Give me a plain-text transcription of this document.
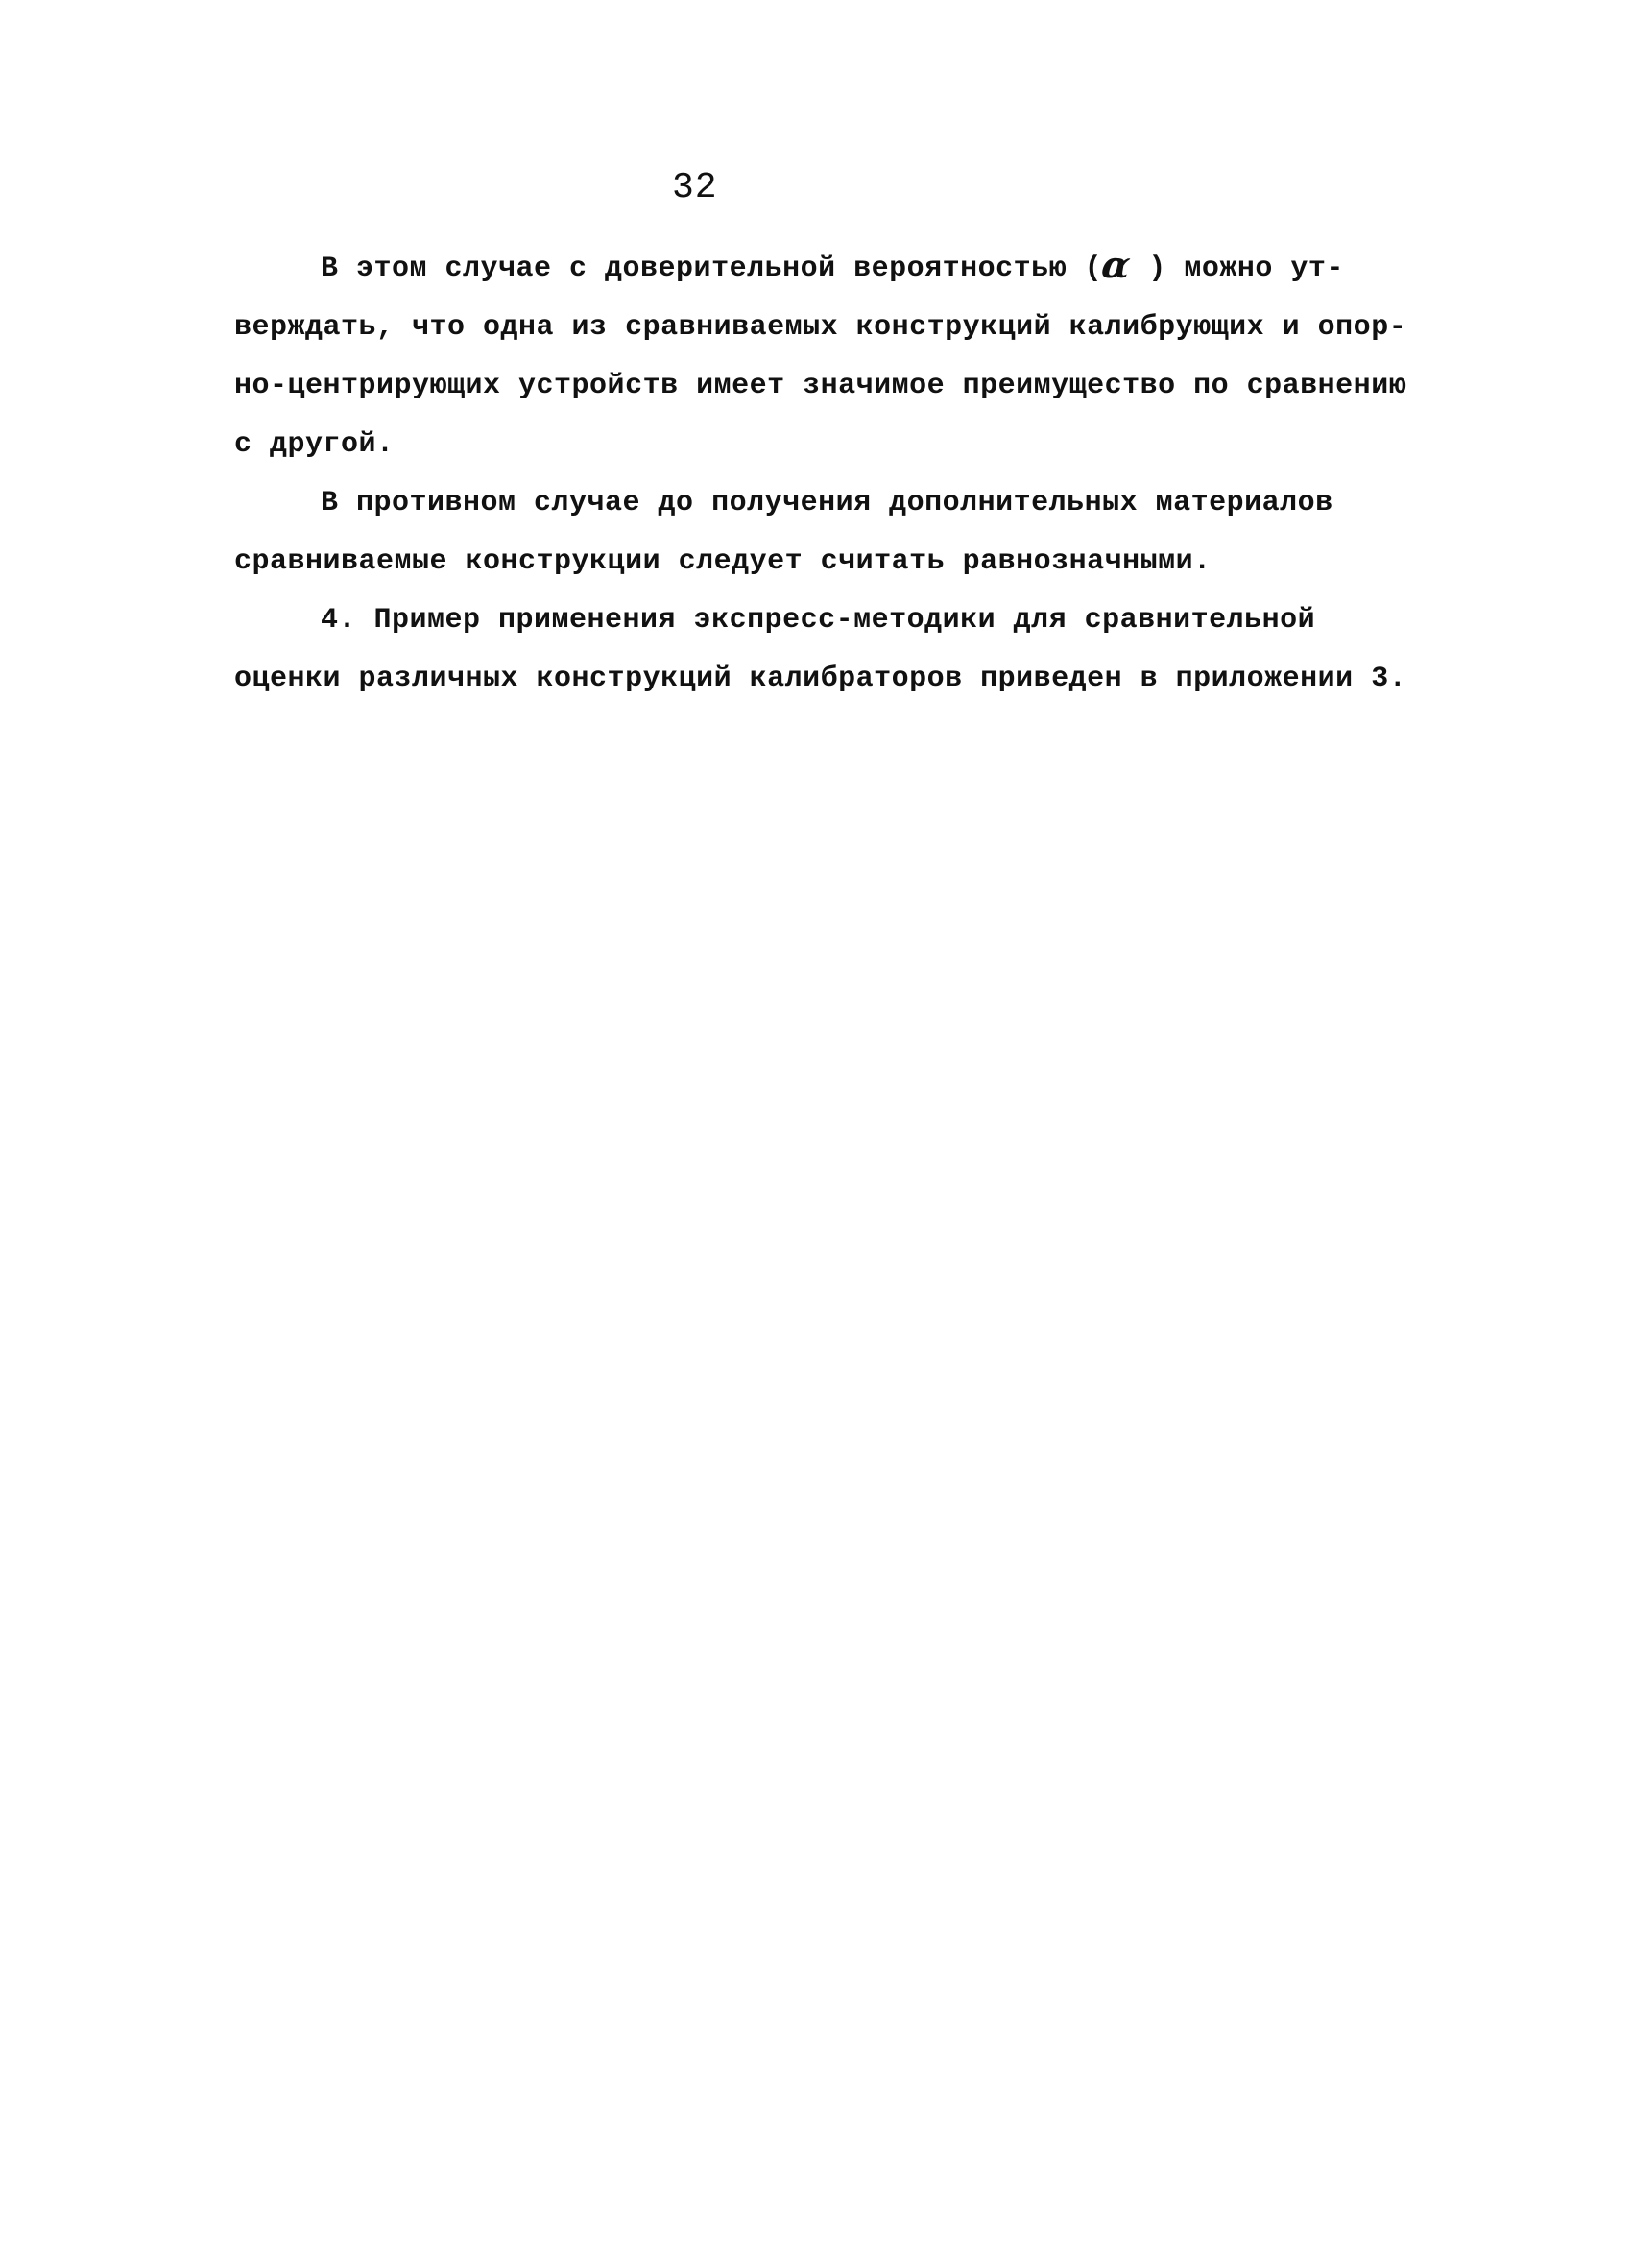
32
В этом случае с доверительной вероятностью (α ) можно ут-
верждать, что одна из сравниваемых конструкций калибрующих и опор-
но-центрирующих устройств имеет значимое преимущество по сравнению
с другой.
В противном случае до получения дополнительных материалов
сравниваемые конструкции следует считать равнозначными.
4. Пример применения экспресс-методики для сравнительной
оценки различных конструкций калибраторов приведен в приложении 3.
